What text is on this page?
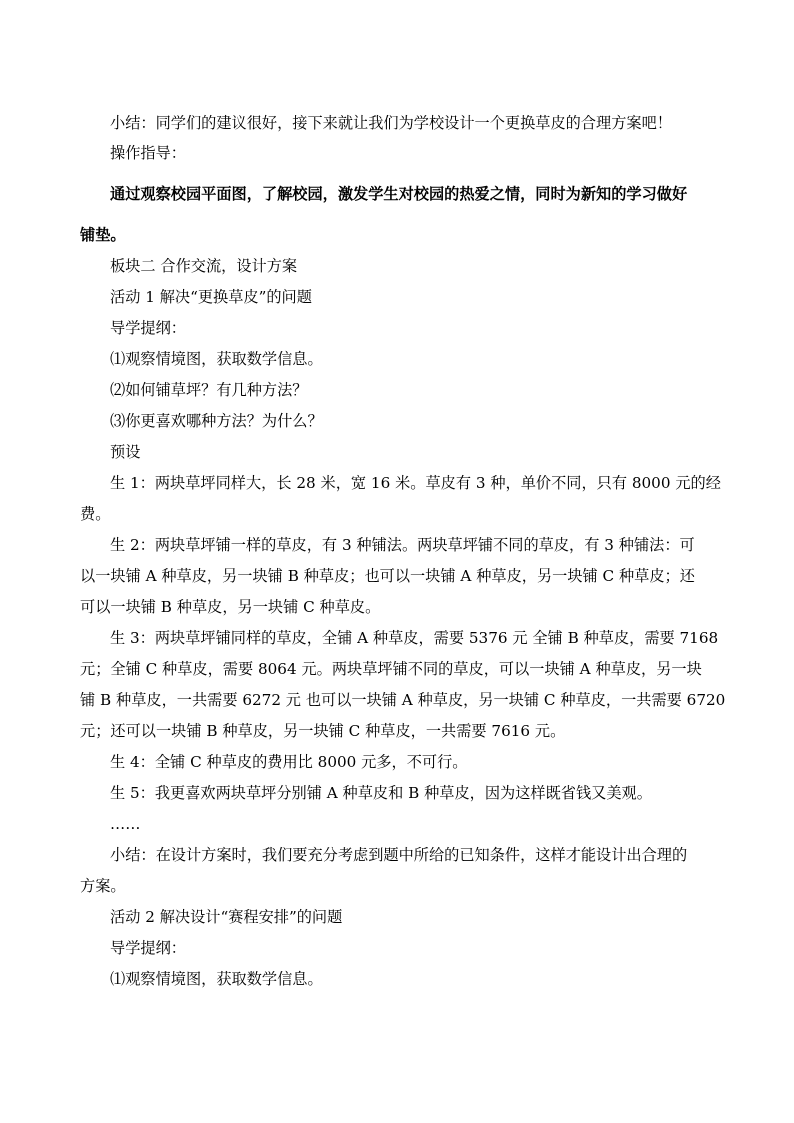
小结：同学们的建议很好，接下来就让我们为学校设计一个更换草皮的合理方案吧！

操作指导：

通过观察校园平面图，了解校园，激发学生对校园的热爱之情，同时为新知的学习做好

铺垫。

板块二 合作交流，设计方案

活动 1 解决“更换草皮”的问题

导学提纲：

⑴观察情境图，获取数学信息。

⑵如何铺草坪？有几种方法？

⑶你更喜欢哪种方法？为什么？

预设

生 1：两块草坪同样大，长 28 米，宽 16 米。草皮有 3 种，单价不同，只有 8000 元的经

费。

生 2：两块草坪铺一样的草皮，有 3 种铺法。两块草坪铺不同的草皮，有 3 种铺法：可

以一块铺 A 种草皮，另一块铺 B 种草皮；也可以一块铺 A 种草皮，另一块铺 C 种草皮；还

可以一块铺 B 种草皮，另一块铺 C 种草皮。

生 3：两块草坪铺同样的草皮，全铺 A 种草皮，需要 5376 元 全铺 B 种草皮，需要 7168

元；全铺 C 种草皮，需要 8064 元。两块草坪铺不同的草皮，可以一块铺 A 种草皮，另一块

铺 B 种草皮，一共需要 6272 元 也可以一块铺 A 种草皮，另一块铺 C 种草皮，一共需要 6720

元；还可以一块铺 B 种草皮，另一块铺 C 种草皮，一共需要 7616 元。

生 4：全铺 C 种草皮的费用比 8000 元多，不可行。

生 5：我更喜欢两块草坪分别铺 A 种草皮和 B 种草皮，因为这样既省钱又美观。

……

小结：在设计方案时，我们要充分考虑到题中所给的已知条件，这样才能设计出合理的

方案。

活动 2 解决设计“赛程安排”的问题

导学提纲：

⑴观察情境图，获取数学信息。
